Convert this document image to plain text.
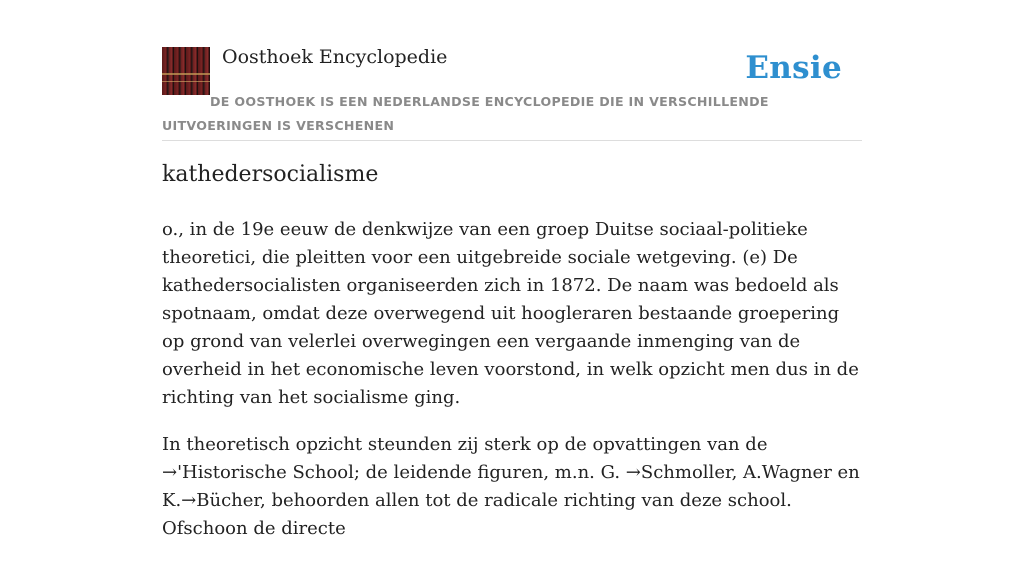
Oosthoek Encyclopedie	Ensie
DE OOSTHOEK IS EEN NEDERLANDSE ENCYCLOPEDIE DIE IN VERSCHILLENDE UITVOERINGEN IS VERSCHENEN
kathedersocialisme

o., in de 19e eeuw de denkwijze van een groep Duitse sociaal-politieke theoretici, die pleitten voor een uitgebreide sociale wetgeving. (e) De kathedersocialisten organiseerden zich in 1872. De naam was bedoeld als spotnaam, omdat deze overwegend uit hoogleraren bestaande groepering op grond van velerlei overwegingen een vergaande inmenging van de overheid in het economische leven voorstond, in welk opzicht men dus in de richting van het socialisme ging.

In theoretisch opzicht steunden zij sterk op de opvattingen van de →'Historische School; de leidende figuren, m.n. G. →Schmoller, A.Wagner en K.→Bücher, behoorden allen tot de radicale richting van deze school. Ofschoon de directe
